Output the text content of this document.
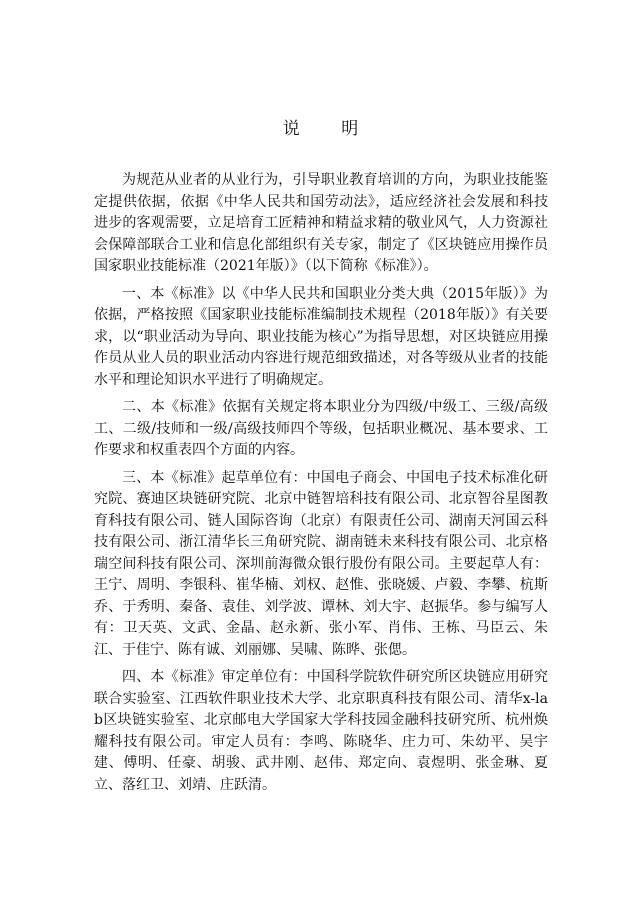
说 明

为规范从业者的从业行为，引导职业教育培训的方向，为职业技能鉴定提供依据，依据《中华人民共和国劳动法》，适应经济社会发展和科技进步的客观需要，立足培育工匠精神和精益求精的敬业风气，人力资源社会保障部联合工业和信息化部组织有关专家，制定了《区块链应用操作员国家职业技能标准（2021年版）》（以下简称《标准》）。

一、本《标准》以《中华人民共和国职业分类大典（2015年版）》为依据，严格按照《国家职业技能标准编制技术规程（2018年版）》有关要求，以“职业活动为导向、职业技能为核心”为指导思想，对区块链应用操作员从业人员的职业活动内容进行规范细致描述，对各等级从业者的技能水平和理论知识水平进行了明确规定。

二、本《标准》依据有关规定将本职业分为四级/中级工、三级/高级工、二级/技师和一级/高级技师四个等级，包括职业概况、基本要求、工作要求和权重表四个方面的内容。

三、本《标准》起草单位有：中国电子商会、中国电子技术标准化研究院、赛迪区块链研究院、北京中链智培科技有限公司、北京智谷星图教育科技有限公司、链人国际咨询（北京）有限责任公司、湖南天河国云科技有限公司、浙江清华长三角研究院、湖南链未来科技有限公司、北京格瑞空间科技有限公司、深圳前海微众银行股份有限公司。主要起草人有：王宁、周明、李银科、崔华楠、刘权、赵惟、张晓媛、卢毅、李攀、杭斯乔、于秀明、秦备、袁佳、刘学波、谭林、刘大宇、赵振华。参与编写人有：卫天英、文武、金晶、赵永新、张小军、肖伟、王栋、马臣云、朱江、于佳宁、陈有诚、刘丽娜、吴啸、陈晔、张偲。

四、本《标准》审定单位有：中国科学院软件研究所区块链应用研究联合实验室、江西软件职业技术大学、北京职真科技有限公司、清华x-lab区块链实验室、北京邮电大学国家大学科技园金融科技研究所、杭州焕耀科技有限公司。审定人员有：李鸣、陈晓华、庄力可、朱幼平、吴宇建、傅明、任豪、胡骏、武井刚、赵伟、郑定向、袁煜明、张金琳、夏立、落红卫、刘靖、庄跃清。
